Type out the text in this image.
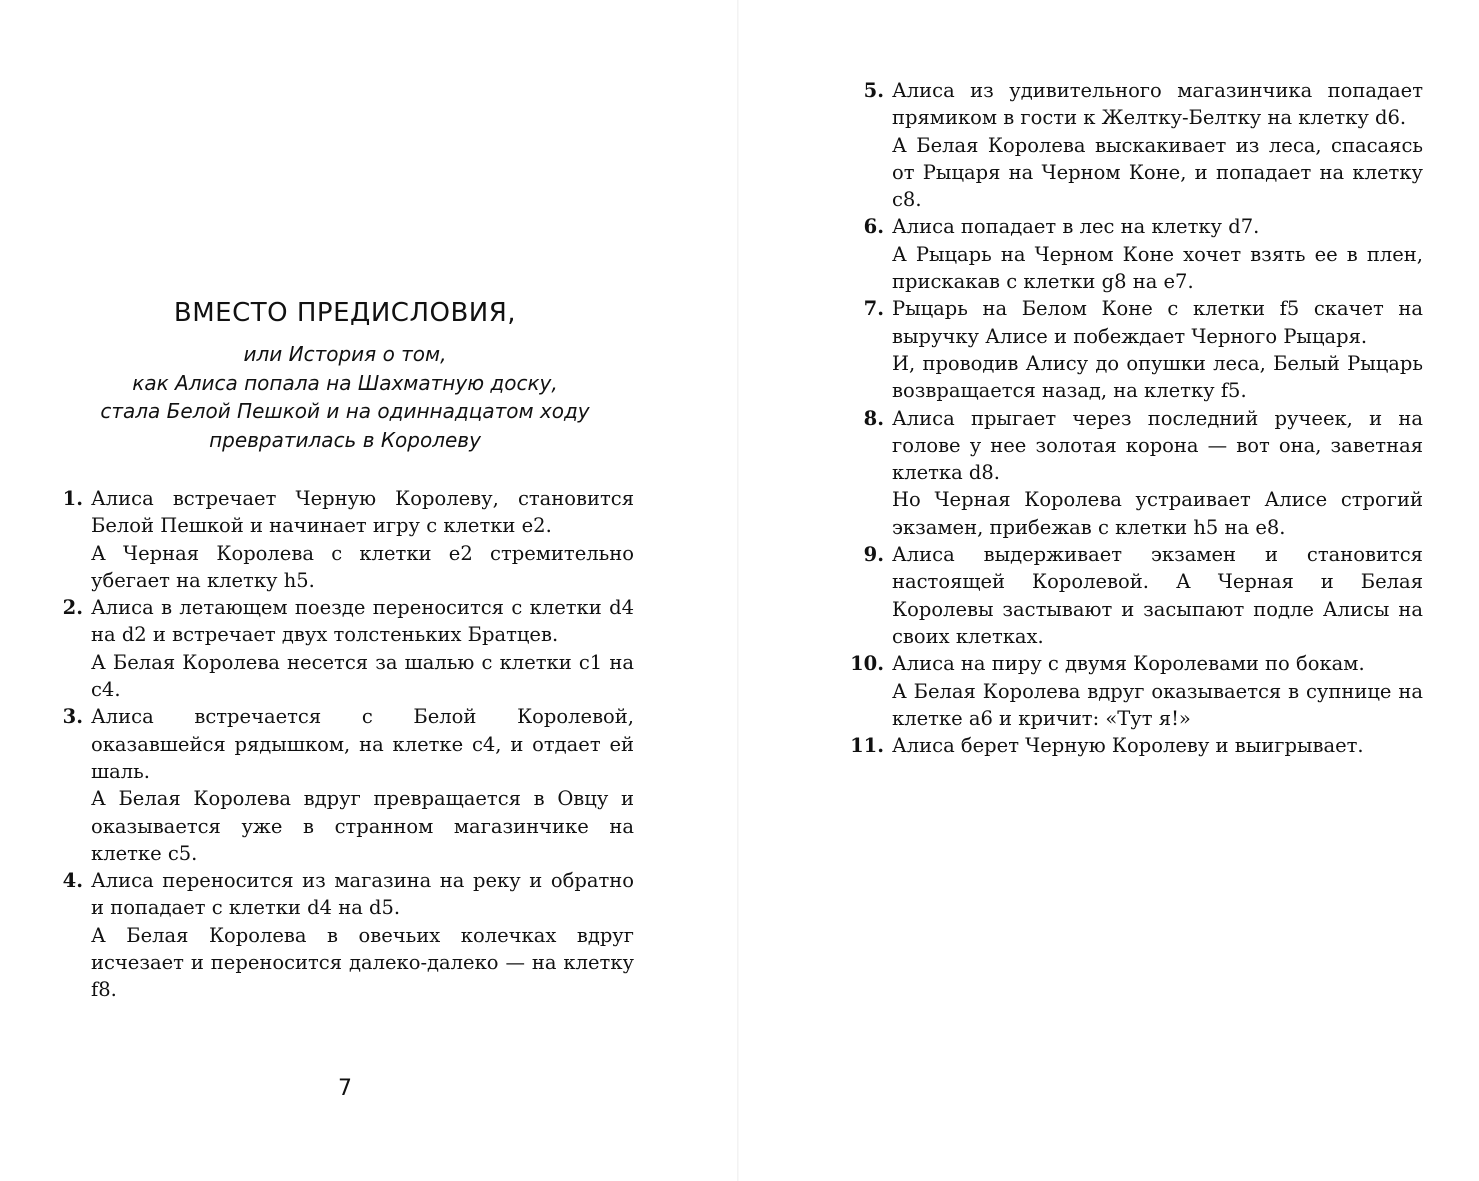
ВМЕСТО ПРЕДИСЛОВИЯ,
или История о том,
как Алиса попала на Шахматную доску,
стала Белой Пешкой и на одиннадцатом ходу
превратилась в Королеву
1. Алиса встречает Черную Королеву, становится Белой Пешкой и начинает игру с клетки e2.

А Черная Королева с клетки e2 стремительно убегает на клетку h5.

2. Алиса в летающем поезде переносится с клетки d4 на d2 и встречает двух толстеньких Братцев.

А Белая Королева несется за шалью с клетки c1 на c4.

3. Алиса встречается с Белой Королевой, оказавшейся рядышком, на клетке c4, и отдает ей шаль.

А Белая Королева вдруг превращается в Овцу и оказывается уже в странном магазинчике на клетке c5.

4. Алиса переносится из магазина на реку и обратно и попадает с клетки d4 на d5.

А Белая Королева в овечьих колечках вдруг исчезает и переносится далеко-далеко — на клетку f8.

7
5. Алиса из удивительного магазинчика попадает прямиком в гости к Желтку-Белтку на клетку d6.

А Белая Королева выскакивает из леса, спасаясь от Рыцаря на Черном Коне, и попадает на клетку c8.

6. Алиса попадает в лес на клетку d7.

А Рыцарь на Черном Коне хочет взять ее в плен, прискакав с клетки g8 на e7.

7. Рыцарь на Белом Коне с клетки f5 скачет на выручку Алисе и побеждает Черного Рыцаря.

И, проводив Алису до опушки леса, Белый Рыцарь возвращается назад, на клетку f5.

8. Алиса прыгает через последний ручеек, и на голове у нее золотая корона — вот она, заветная клетка d8.

Но Черная Королева устраивает Алисе строгий экзамен, прибежав с клетки h5 на e8.

9. Алиса выдерживает экзамен и становится настоящей Королевой. А Черная и Белая Королевы застывают и засыпают подле Алисы на своих клетках.

10. Алиса на пиру с двумя Королевами по бокам.

А Белая Королева вдруг оказывается в супнице на клетке a6 и кричит: «Тут я!»

11. Алиса берет Черную Королеву и выигрывает.
